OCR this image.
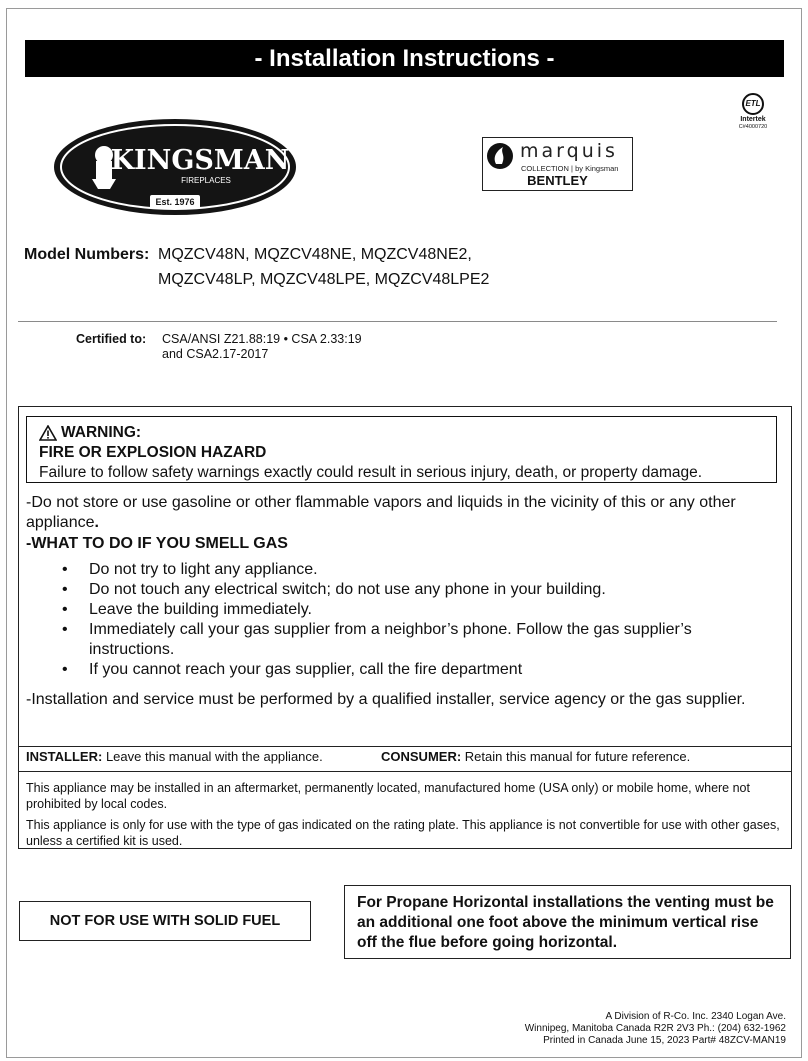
- Installation Instructions -
ETL
Intertek
C#4000720
KINGSMAN
FIREPLACES
Est. 1976
marquis
COLLECTION | by Kingsman
BENTLEY
Model Numbers: MQZCV48N, MQZCV48NE, MQZCV48NE2,
MQZCV48LP, MQZCV48LPE, MQZCV48LPE2
Certified to: CSA/ANSI Z21.88:19 • CSA 2.33:19
and CSA2.17-2017
WARNING:
FIRE OR EXPLOSION HAZARD
Failure to follow safety warnings exactly could result in serious injury, death, or property damage.
-Do not store or use gasoline or other flammable vapors and liquids in the vicinity of this or any other appliance.
-WHAT TO DO IF YOU SMELL GAS
• Do not try to light any appliance.
• Do not touch any electrical switch; do not use any phone in your building.
• Leave the building immediately.
• Immediately call your gas supplier from a neighbor’s phone. Follow the gas supplier’s instructions.
• If you cannot reach your gas supplier, call the fire department
-Installation and service must be performed by a qualified installer, service agency or the gas supplier.
INSTALLER: Leave this manual with the appliance.	CONSUMER: Retain this manual for future reference.
This appliance may be installed in an aftermarket, permanently located, manufactured home (USA only) or mobile home, where not prohibited by local codes.
This appliance is only for use with the type of gas indicated on the rating plate. This appliance is not convertible for use with other gases, unless a certified kit is used.
NOT FOR USE WITH SOLID FUEL
For Propane Horizontal installations the venting must be an additional one foot above the minimum vertical rise off the flue before going horizontal.
A Division of R-Co. Inc. 2340 Logan Ave.
Winnipeg, Manitoba Canada R2R 2V3 Ph.: (204) 632-1962
Printed in Canada June 15, 2023 Part# 48ZCV-MAN19
